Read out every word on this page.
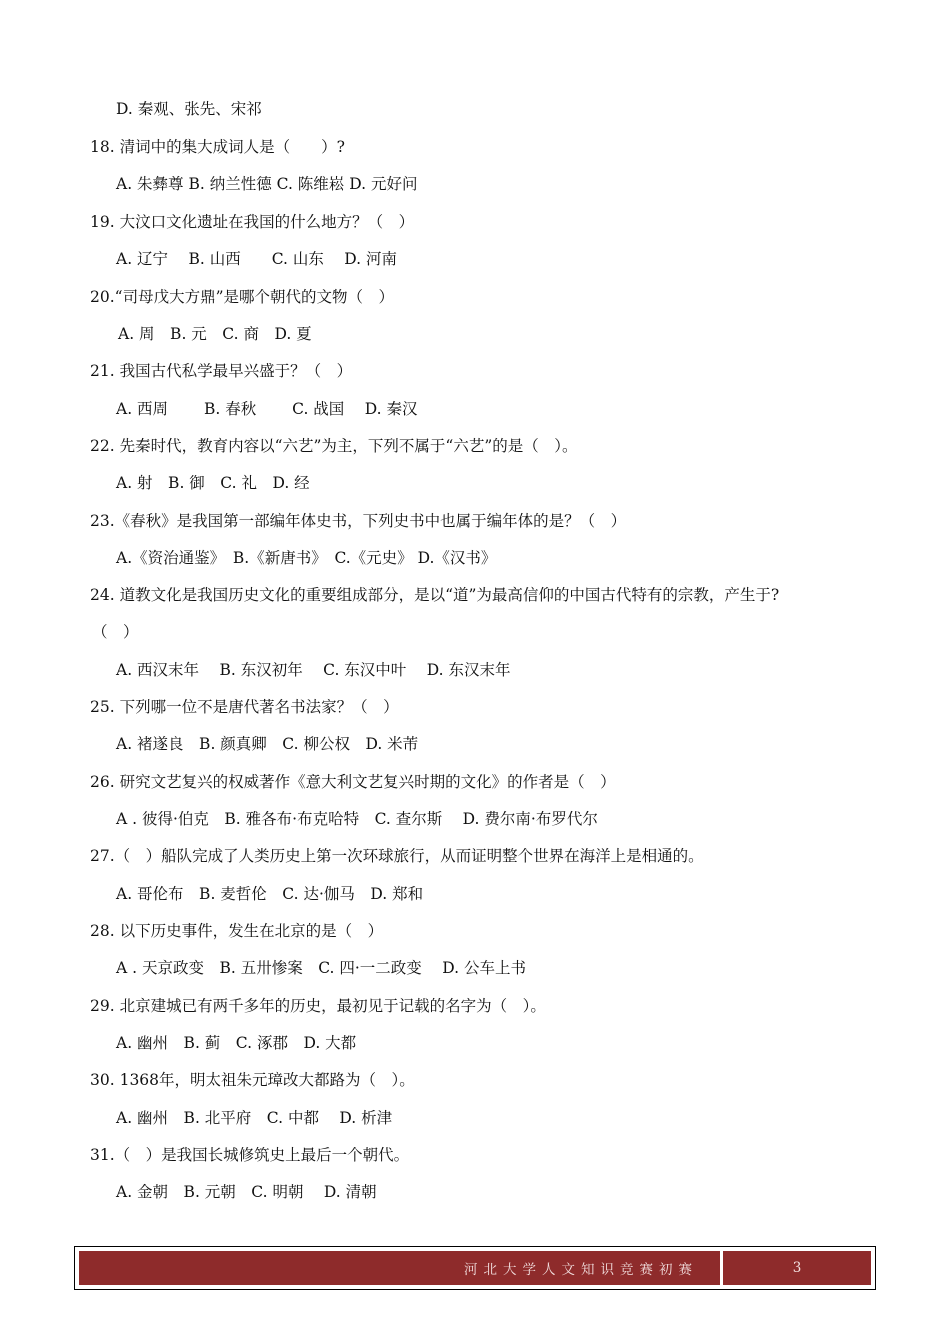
D. 秦观、张先、宋祁
18. 清词中的集大成词人是（　　）?
A. 朱彝尊 B. 纳兰性德 C. 陈维崧 D. 元好问
19. 大汶口文化遗址在我国的什么地方？（　）
A. 辽宁　 B. 山西　　C. 山东　 D. 河南
20.“司母戊大方鼎”是哪个朝代的文物（　）
A. 周　B. 元　C. 商　D. 夏
21. 我国古代私学最早兴盛于？（　）
A. 西周　　 B. 春秋　　 C. 战国　 D. 秦汉
22. 先秦时代，教育内容以“六艺”为主，下列不属于“六艺”的是（　）。
A. 射　B. 御　C. 礼　D. 经
23.《春秋》是我国第一部编年体史书，下列史书中也属于编年体的是？（　）
A.《资治通鉴》　B.《新唐书》　C.《元史》 D.《汉书》
24. 道教文化是我国历史文化的重要组成部分，是以“道”为最高信仰的中国古代特有的宗教，产生于?
（　）
A. 西汉末年　 B. 东汉初年　 C. 东汉中叶　 D. 东汉末年
25. 下列哪一位不是唐代著名书法家？（　）
A. 褚遂良　B. 颜真卿　C. 柳公权　D. 米芾
26. 研究文艺复兴的权威著作《意大利文艺复兴时期的文化》的作者是（　）
A . 彼得·伯克　B. 雅各布·布克哈特　C. 查尔斯　 D. 费尔南·布罗代尔
27.（　）船队完成了人类历史上第一次环球旅行，从而证明整个世界在海洋上是相通的。
A. 哥伦布　B. 麦哲伦　C. 达·伽马　D. 郑和
28. 以下历史事件，发生在北京的是（　）
A . 天京政变　B. 五卅惨案　C. 四·一二政变　 D. 公车上书
29. 北京建城已有两千多年的历史，最初见于记载的名字为（　）。
A. 幽州　B. 蓟　C. 涿郡　D. 大都
30. 1368年，明太祖朱元璋改大都路为（　）。
A. 幽州　B. 北平府　C. 中都　 D. 析津
31.（　）是我国长城修筑史上最后一个朝代。
A. 金朝　B. 元朝　C. 明朝　 D. 清朝
河北大学人文知识竞赛初赛	3
